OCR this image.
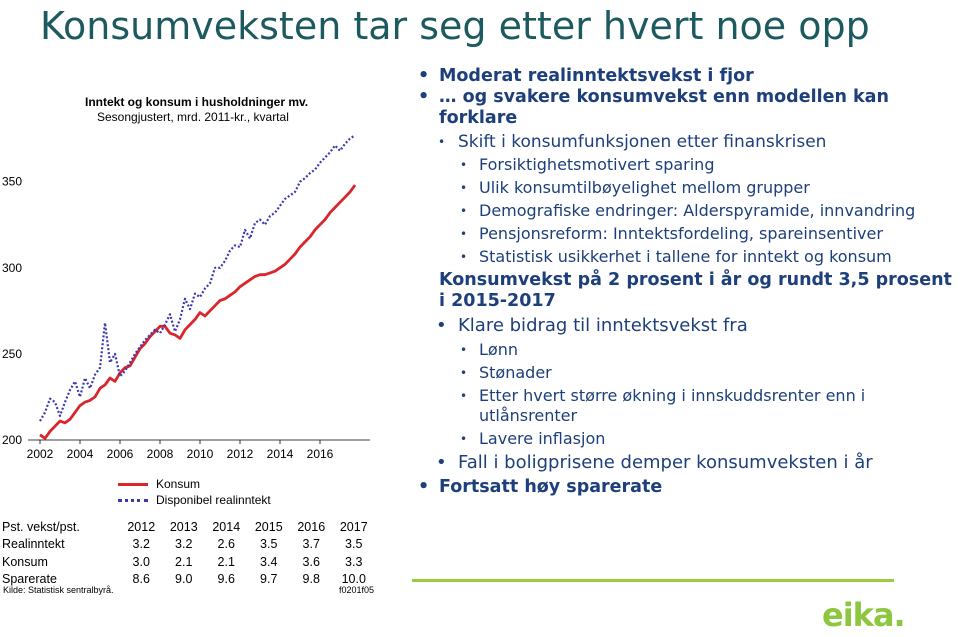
Konsumveksten tar seg etter hvert noe opp
Inntekt og konsum i husholdninger mv.
Sesongjustert, mrd. 2011-kr., kvartal
200
250
300
350
2002 2004 2006 2008 2010 2012 2014 2016
Konsum
Disponibel realinntekt
Pst. vekst/pst.	2012	2013	2014	2015	2016	2017
Realinntekt	3.2	3.2	2.6	3.5	3.7	3.5
Konsum	3.0	2.1	2.1	3.4	3.6	3.3
Sparerate	8.6	9.0	9.6	9.7	9.8	10.0
Kilde: Statistisk sentralbyrå.	f0201f05
• Moderat realinntektsvekst i fjor
• … og svakere konsumvekst enn modellen kan forklare
• Skift i konsumfunksjonen etter finanskrisen
• Forsiktighetsmotivert sparing
• Ulik konsumtilbøyelighet mellom grupper
• Demografiske endringer: Alderspyramide, innvandring
• Pensjonsreform: Inntektsfordeling, spareinsentiver
• Statistisk usikkerhet i tallene for inntekt og konsum
Konsumvekst på 2 prosent i år og rundt 3,5 prosent i 2015-2017
• Klare bidrag til inntektsvekst fra
• Lønn
• Stønader
• Etter hvert større økning i innskuddsrenter enn i utlånsrenter
• Lavere inflasjon
• Fall i boligprisene demper konsumveksten i år
• Fortsatt høy sparerate
eika.
